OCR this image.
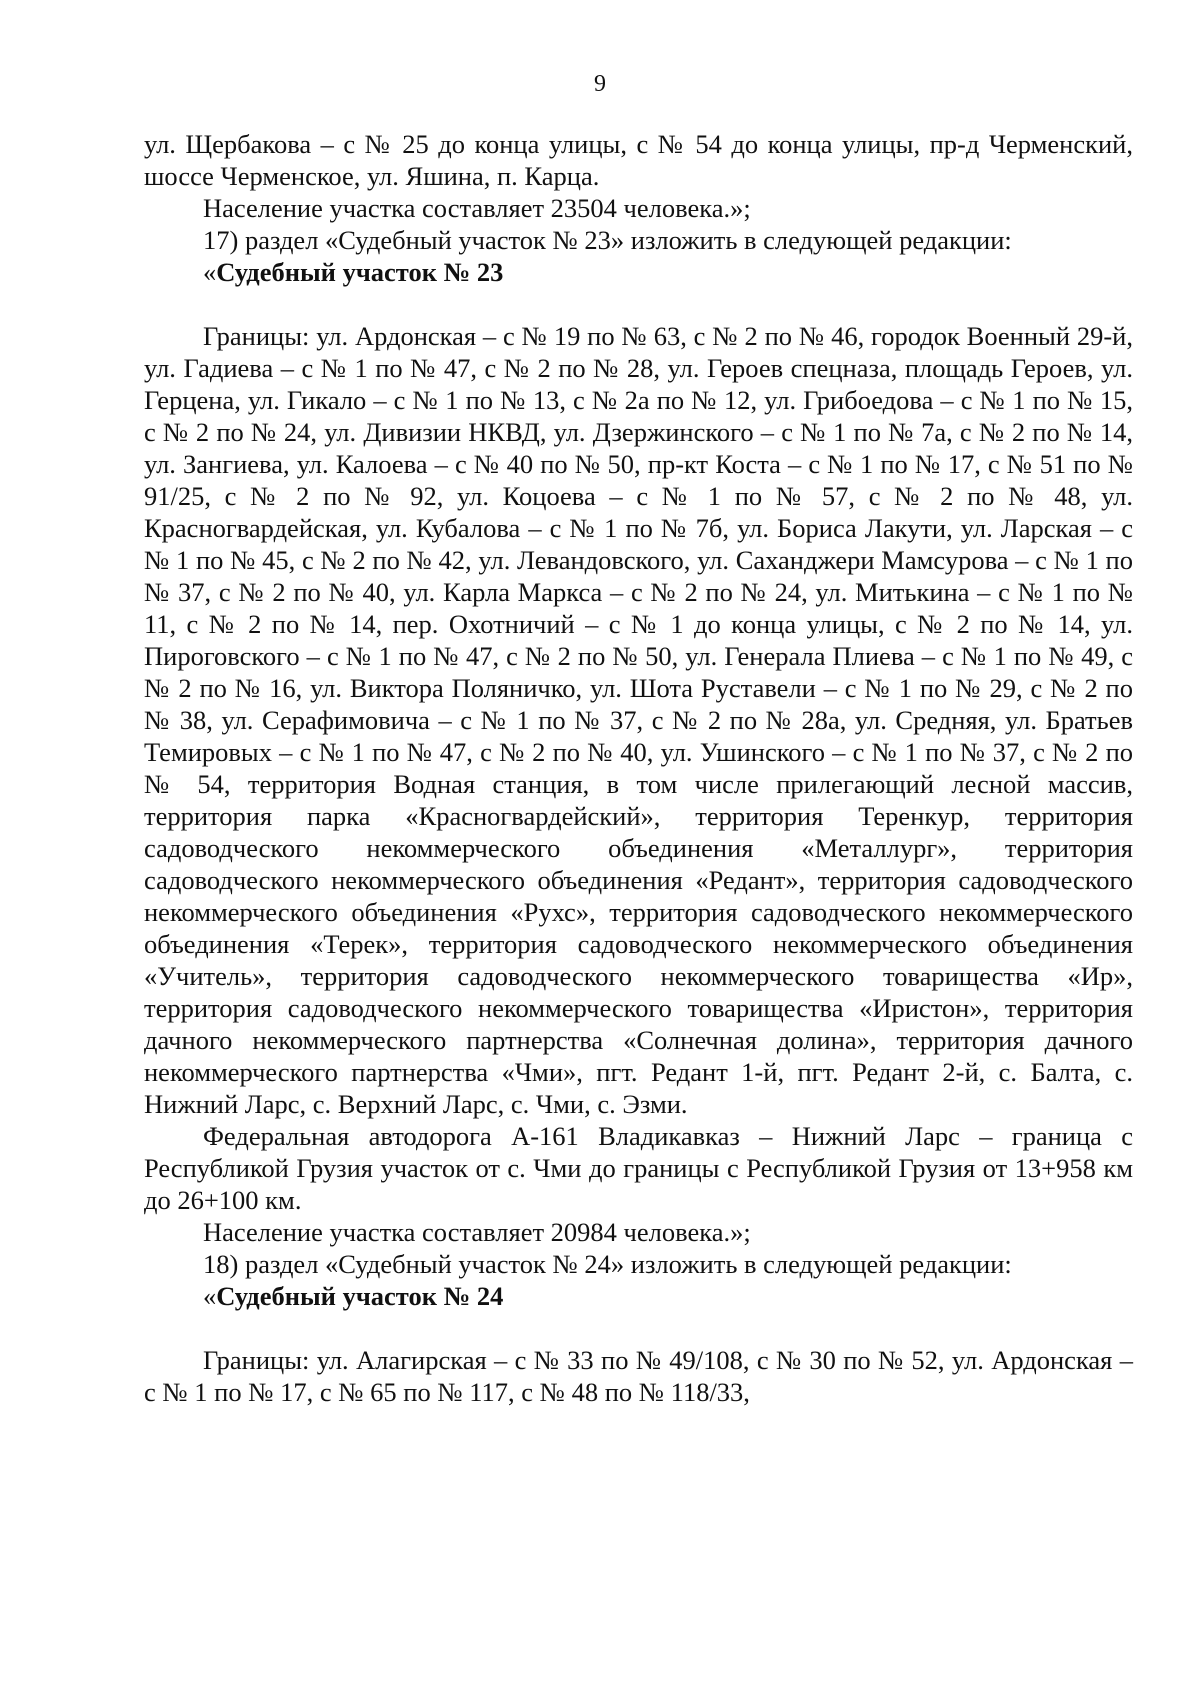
9

ул. Щербакова – с № 25 до конца улицы, с № 54 до конца улицы, пр-д Черменский, шоссе Черменское, ул. Яшина, п. Карца.

Население участка составляет 23504 человека.»;

17) раздел «Судебный участок № 23» изложить в следующей редакции:

«Судебный участок № 23

Границы: ул. Ардонская – с № 19 по № 63, с № 2 по № 46, городок Военный 29-й, ул. Гадиева – с № 1 по № 47, с № 2 по № 28, ул. Героев спецназа, площадь Героев, ул. Герцена, ул. Гикало – с № 1 по № 13, с № 2а по № 12, ул. Грибоедова – с № 1 по № 15, с № 2 по № 24, ул. Дивизии НКВД, ул. Дзержинского – с № 1 по № 7а, с № 2 по № 14, ул. Зангиева, ул. Калоева – с № 40 по № 50, пр-кт Коста – с № 1 по № 17, с № 51 по № 91/25, с № 2 по № 92, ул. Коцоева – с № 1 по № 57, с № 2 по № 48, ул. Красногвардейская, ул. Кубалова – с № 1 по № 7б, ул. Бориса Лакути, ул. Ларская – с № 1 по № 45, с № 2 по № 42, ул. Левандовского, ул. Саханджери Мамсурова – с № 1 по № 37, с № 2 по № 40, ул. Карла Маркса – с № 2 по № 24, ул. Митькина – с № 1 по № 11, с № 2 по № 14, пер. Охотничий – с № 1 до конца улицы, с № 2 по № 14, ул. Пироговского – с № 1 по № 47, с № 2 по № 50, ул. Генерала Плиева – с № 1 по № 49, с № 2 по № 16, ул. Виктора Поляничко, ул. Шота Руставели – с № 1 по № 29, с № 2 по № 38, ул. Серафимовича – с № 1 по № 37, с № 2 по № 28а, ул. Средняя, ул. Братьев Темировых – с № 1 по № 47, с № 2 по № 40, ул. Ушинского – с № 1 по № 37, с № 2 по № 54, территория Водная станция, в том числе прилегающий лесной массив, территория парка «Красногвардейский», территория Теренкур, территория садоводческого некоммерческого объединения «Металлург», территория садоводческого некоммерческого объединения «Редант», территория садоводческого некоммерческого объединения «Рухс», территория садоводческого некоммерческого объединения «Терек», территория садоводческого некоммерческого объединения «Учитель», территория садоводческого некоммерческого товарищества «Ир», территория садоводческого некоммерческого товарищества «Иристон», территория дачного некоммерческого партнерства «Солнечная долина», территория дачного некоммерческого партнерства «Чми», пгт. Редант 1-й, пгт. Редант 2-й, с. Балта, с. Нижний Ларс, с. Верхний Ларс, с. Чми, с. Эзми.

Федеральная автодорога А-161 Владикавказ – Нижний Ларс – граница с Республикой Грузия участок от с. Чми до границы с Республикой Грузия от 13+958 км до 26+100 км.

Население участка составляет 20984 человека.»;

18) раздел «Судебный участок № 24» изложить в следующей редакции:

«Судебный участок № 24

Границы: ул. Алагирская – с № 33 по № 49/108, с № 30 по № 52, ул. Ардонская – с № 1 по № 17, с № 65 по № 117, с № 48 по № 118/33,
